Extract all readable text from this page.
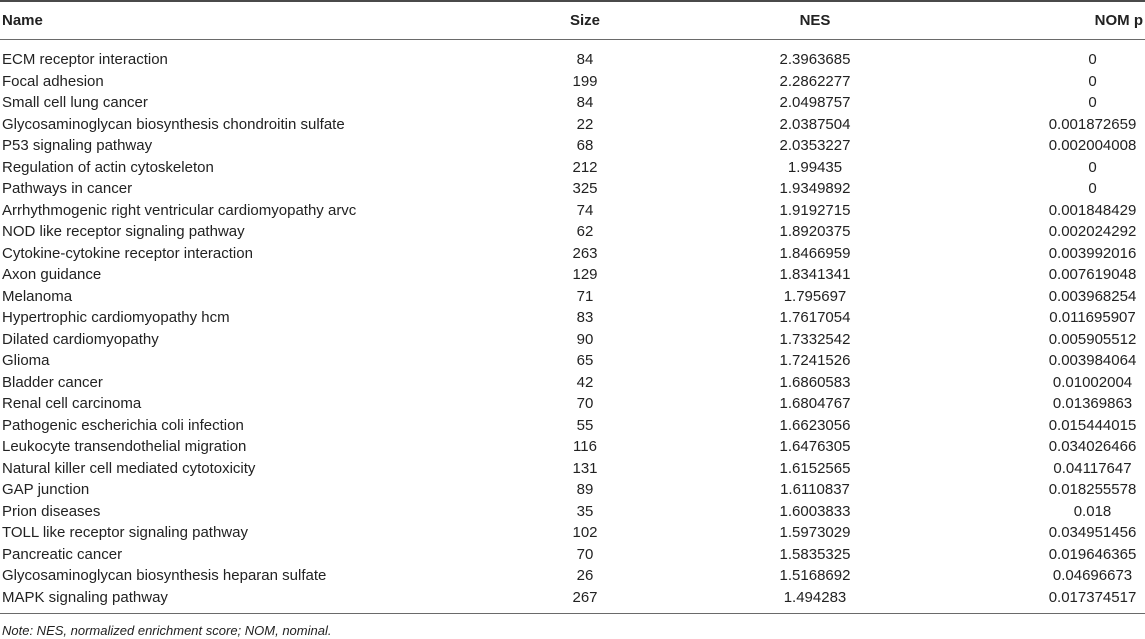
Name	Size	NES	NOM p
ECM receptor interaction	84	2.3963685	0
Focal adhesion	199	2.2862277	0
Small cell lung cancer	84	2.0498757	0
Glycosaminoglycan biosynthesis chondroitin sulfate	22	2.0387504	0.001872659
P53 signaling pathway	68	2.0353227	0.002004008
Regulation of actin cytoskeleton	212	1.99435	0
Pathways in cancer	325	1.9349892	0
Arrhythmogenic right ventricular cardiomyopathy arvc	74	1.9192715	0.001848429
NOD like receptor signaling pathway	62	1.8920375	0.002024292
Cytokine-cytokine receptor interaction	263	1.8466959	0.003992016
Axon guidance	129	1.8341341	0.007619048
Melanoma	71	1.795697	0.003968254
Hypertrophic cardiomyopathy hcm	83	1.7617054	0.011695907
Dilated cardiomyopathy	90	1.7332542	0.005905512
Glioma	65	1.7241526	0.003984064
Bladder cancer	42	1.6860583	0.01002004
Renal cell carcinoma	70	1.6804767	0.01369863
Pathogenic escherichia coli infection	55	1.6623056	0.015444015
Leukocyte transendothelial migration	116	1.6476305	0.034026466
Natural killer cell mediated cytotoxicity	131	1.6152565	0.04117647
GAP junction	89	1.6110837	0.018255578
Prion diseases	35	1.6003833	0.018
TOLL like receptor signaling pathway	102	1.5973029	0.034951456
Pancreatic cancer	70	1.5835325	0.019646365
Glycosaminoglycan biosynthesis heparan sulfate	26	1.5168692	0.04696673
MAPK signaling pathway	267	1.494283	0.017374517
Note: NES, normalized enrichment score; NOM, nominal.
